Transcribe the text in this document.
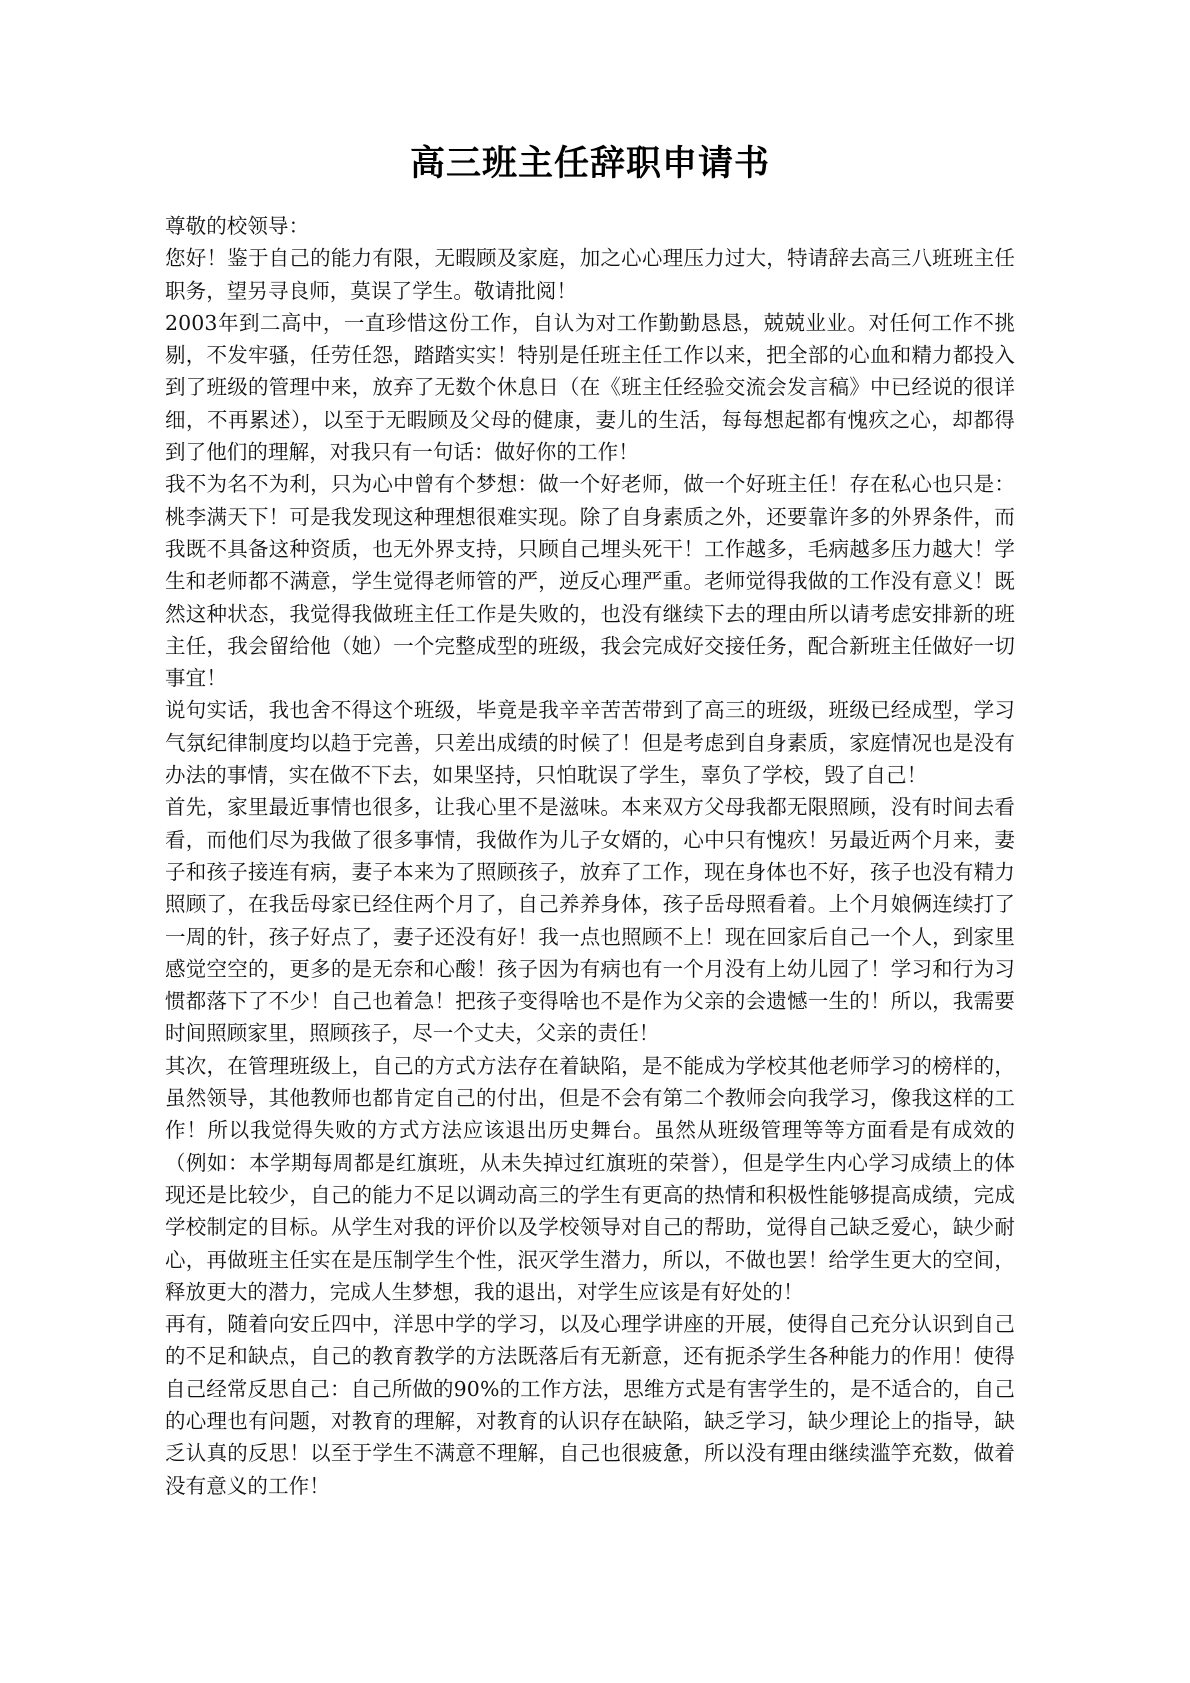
高三班主任辞职申请书

尊敬的校领导：

您好！鉴于自己的能力有限，无暇顾及家庭，加之心心理压力过大，特请辞去高三八班班主任职务，望另寻良师，莫误了学生。敬请批阅！

2003年到二高中，一直珍惜这份工作，自认为对工作勤勤恳恳，兢兢业业。对任何工作不挑剔，不发牢骚，任劳任怨，踏踏实实！特别是任班主任工作以来，把全部的心血和精力都投入到了班级的管理中来，放弃了无数个休息日（在《班主任经验交流会发言稿》中已经说的很详细，不再累述），以至于无暇顾及父母的健康，妻儿的生活，每每想起都有愧疚之心，却都得到了他们的理解，对我只有一句话：做好你的工作！

我不为名不为利，只为心中曾有个梦想：做一个好老师，做一个好班主任！存在私心也只是：桃李满天下！可是我发现这种理想很难实现。除了自身素质之外，还要靠许多的外界条件，而我既不具备这种资质，也无外界支持，只顾自己埋头死干！工作越多，毛病越多压力越大！学生和老师都不满意，学生觉得老师管的严，逆反心理严重。老师觉得我做的工作没有意义！既然这种状态，我觉得我做班主任工作是失败的，也没有继续下去的理由所以请考虑安排新的班主任，我会留给他（她）一个完整成型的班级，我会完成好交接任务，配合新班主任做好一切事宜！

说句实话，我也舍不得这个班级，毕竟是我辛辛苦苦带到了高三的班级，班级已经成型，学习气氛纪律制度均以趋于完善，只差出成绩的时候了！但是考虑到自身素质，家庭情况也是没有办法的事情，实在做不下去，如果坚持，只怕耽误了学生，辜负了学校，毁了自己！

首先，家里最近事情也很多，让我心里不是滋味。本来双方父母我都无限照顾，没有时间去看看，而他们尽为我做了很多事情，我做作为儿子女婿的，心中只有愧疚！另最近两个月来，妻子和孩子接连有病，妻子本来为了照顾孩子，放弃了工作，现在身体也不好，孩子也没有精力照顾了，在我岳母家已经住两个月了，自己养养身体，孩子岳母照看着。上个月娘俩连续打了一周的针，孩子好点了，妻子还没有好！我一点也照顾不上！现在回家后自己一个人，到家里感觉空空的，更多的是无奈和心酸！孩子因为有病也有一个月没有上幼儿园了！学习和行为习惯都落下了不少！自己也着急！把孩子变得啥也不是作为父亲的会遗憾一生的！所以，我需要时间照顾家里，照顾孩子，尽一个丈夫，父亲的责任！

其次，在管理班级上，自己的方式方法存在着缺陷，是不能成为学校其他老师学习的榜样的，虽然领导，其他教师也都肯定自己的付出，但是不会有第二个教师会向我学习，像我这样的工作！所以我觉得失败的方式方法应该退出历史舞台。虽然从班级管理等等方面看是有成效的（例如：本学期每周都是红旗班，从未失掉过红旗班的荣誉），但是学生内心学习成绩上的体现还是比较少，自己的能力不足以调动高三的学生有更高的热情和积极性能够提高成绩，完成学校制定的目标。从学生对我的评价以及学校领导对自己的帮助，觉得自己缺乏爱心，缺少耐心，再做班主任实在是压制学生个性，泯灭学生潜力，所以，不做也罢！给学生更大的空间，释放更大的潜力，完成人生梦想，我的退出，对学生应该是有好处的！

再有，随着向安丘四中，洋思中学的学习，以及心理学讲座的开展，使得自己充分认识到自己的不足和缺点，自己的教育教学的方法既落后有无新意，还有扼杀学生各种能力的作用！使得自己经常反思自己：自己所做的90%的工作方法，思维方式是有害学生的，是不适合的，自己的心理也有问题，对教育的理解，对教育的认识存在缺陷，缺乏学习，缺少理论上的指导，缺乏认真的反思！以至于学生不满意不理解，自己也很疲惫，所以没有理由继续滥竽充数，做着没有意义的工作！
